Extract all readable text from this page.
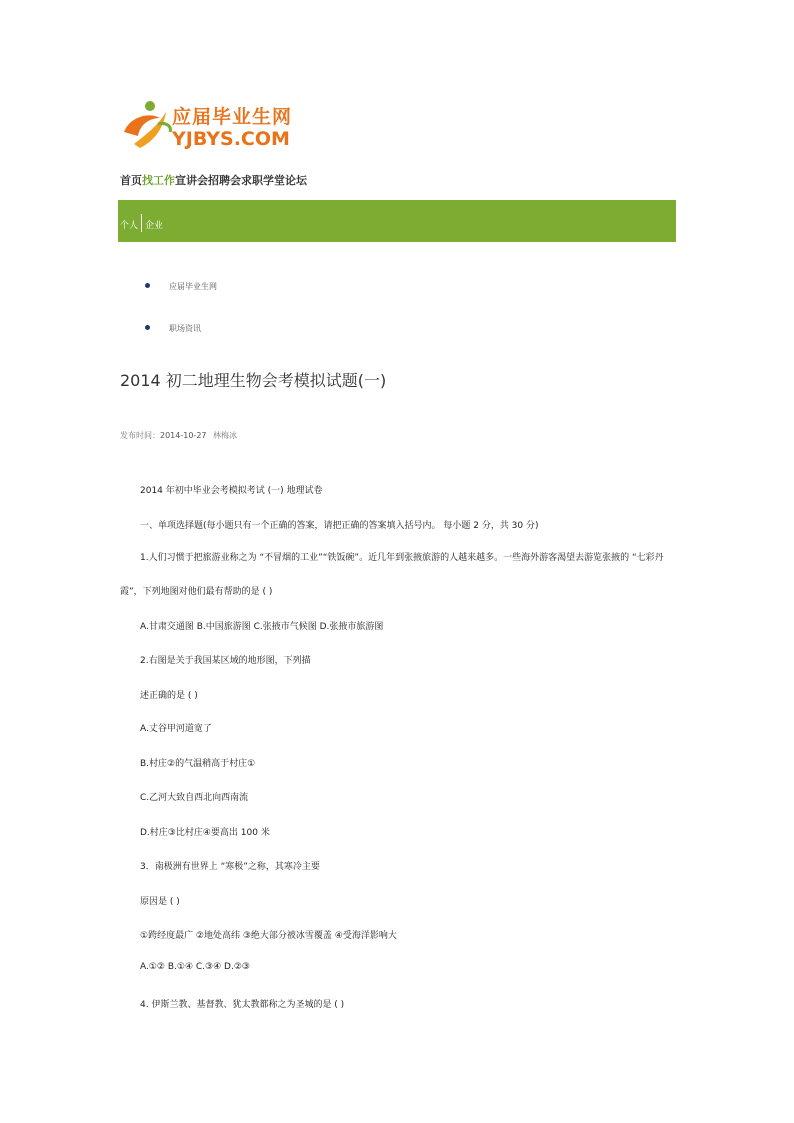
应届毕业生网
YJBYS.COM
首页找工作宣讲会招聘会求职学堂论坛
个人 企业
应届毕业生网
职场资讯
2014 初二地理生物会考模拟试题(一)
发布时间：2014-10-27 林梅冰
2014 年初中毕业会考模拟考试 (一) 地理试卷
一、单项选择题(每小题只有一个正确的答案，请把正确的答案填入括号内。 每小题 2 分，共 30 分)
1.人们习惯于把旅游业称之为 “不冒烟的工业”“铁饭碗”。近几年到张掖旅游的人越来越多。一些海外游客渴望去游览张掖的 “七彩丹
霞”，下列地图对他们最有帮助的是 ( )
A.甘肃交通图 B.中国旅游图 C.张掖市气候图 D.张掖市旅游图
2.右图是关于我国某区域的地形图，下列描
述正确的是 ( )
A.丈谷甲河道宽了
B.村庄②的气温稍高于村庄①
C.乙河大致自西北向西南流
D.村庄③比村庄④要高出 100 米
3．南极洲有世界上 “寒极”之称，其寒冷主要
原因是 ( )
①跨经度最广 ②地处高纬 ③绝大部分被冰雪覆盖 ④受海洋影响大
A.①② B.①④ C.③④ D.②③
4. 伊斯兰教、基督教、犹太教都称之为圣城的是 ( )
